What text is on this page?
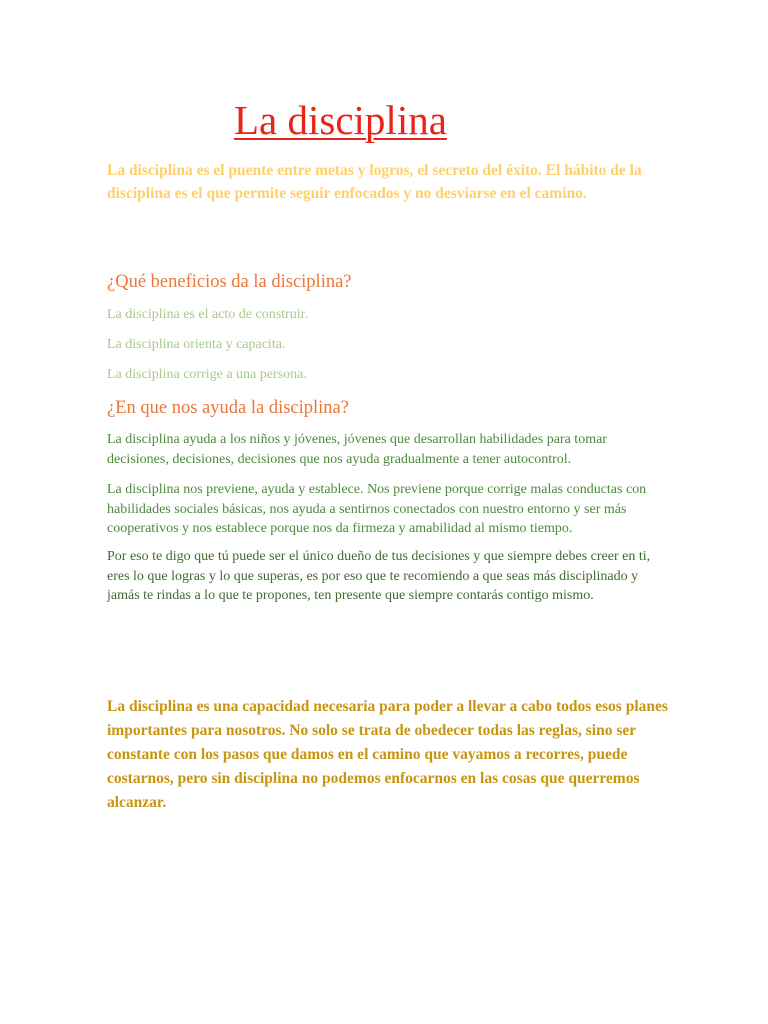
La disciplina
La disciplina es el puente entre metas y logros, el secreto del éxito. El hábito de la disciplina es el que permite seguir enfocados y no desviarse en el camino.
¿Qué beneficios da la disciplina?
La disciplina es el acto de construir.
La disciplina orienta y capacita.
La disciplina corrige a una persona.
¿En que nos ayuda la disciplina?
La disciplina ayuda a los niños y jóvenes, jóvenes que desarrollan habilidades para tomar decisiones, decisiones, decisiones que nos ayuda gradualmente a tener autocontrol.
La disciplina nos previene, ayuda y establece. Nos previene porque corrige malas conductas con habilidades sociales básicas, nos ayuda a sentirnos conectados con nuestro entorno y ser más cooperativos y nos establece porque nos da firmeza y amabilidad al mismo tiempo.
Por eso te digo que tú puede ser el único dueño de tus decisiones y que siempre debes creer en ti, eres lo que logras y lo que superas, es por eso que te recomiendo a que seas más disciplinado y jamás te rindas a lo que te propones, ten presente que siempre contarás contigo mismo.
La disciplina es una capacidad necesaria para poder a llevar a cabo todos esos planes importantes para nosotros. No solo se trata de obedecer todas las reglas, sino ser constante con los pasos que damos en el camino que vayamos a recorres, puede costarnos, pero sin disciplina no podemos enfocarnos en las cosas que querremos alcanzar.
